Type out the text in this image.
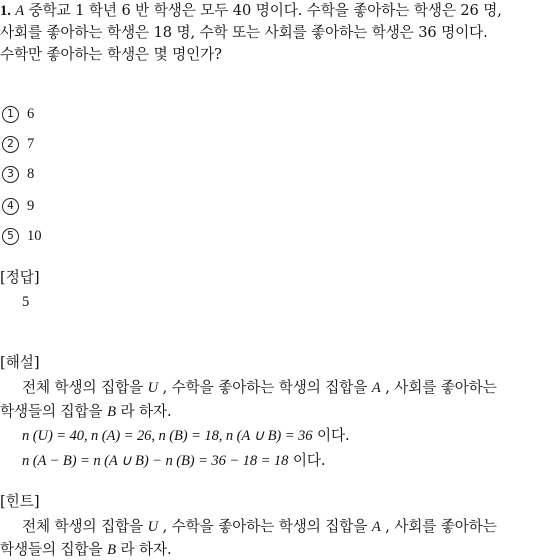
1. A 중학교 1 학년 6 반 학생은 모두 40 명이다. 수학을 좋아하는 학생은 26 명,
사회를 좋아하는 학생은 18 명, 수학 또는 사회를 좋아하는 학생은 36 명이다.
수학만 좋아하는 학생은 몇 명인가?
1 6
2 7
3 8
4 9
5 10
[정답]
5
[해설]
전체 학생의 집합을 U , 수학을 좋아하는 학생의 집합을 A , 사회를 좋아하는
학생들의 집합을 B 라 하자.
n (U) = 40, n (A) = 26, n (B) = 18, n (A ∪ B) = 36 이다.
n (A − B) = n (A ∪ B) − n (B) = 36 − 18 = 18 이다.
[힌트]
전체 학생의 집합을 U , 수학을 좋아하는 학생의 집합을 A , 사회를 좋아하는
학생들의 집합을 B 라 하자.
